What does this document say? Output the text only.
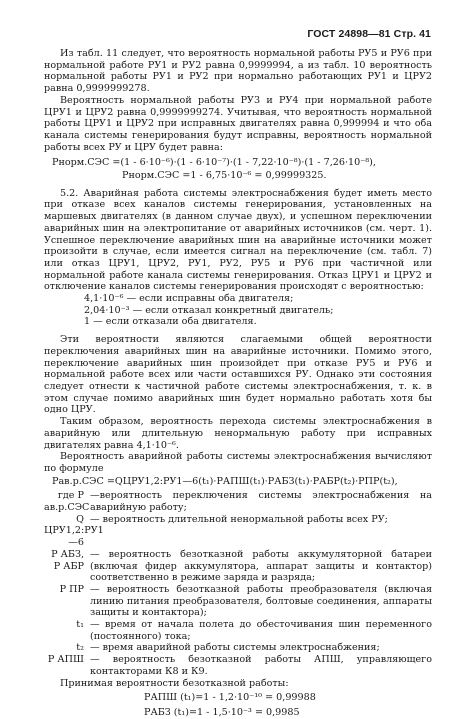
ГОСТ 24898—81 Стр. 41

Из табл. 11 следует, что вероятность нормальной работы РУ5 и РУ6 при нормальной работе РУ1 и РУ2 равна 0,9999994, а из табл. 10 вероятность нормальной работы РУ1 и РУ2 при нормально работающих РУ1 и ЦРУ2 равна 0,9999999278.

Вероятность нормальной работы РУ3 и РУ4 при нормальной работе ЦРУ1 и ЦРУ2 равна 0,9999999274. Учитывая, что вероятность нормальной работы ЦРУ1 и ЦРУ2 при исправных двигателях равна 0,999994 и что оба канала системы генерирования будут исправны, вероятность нормальной работы всех РУ и ЦРУ будет равна:

Pнорм.СЭС =(1 - 6·10⁻⁶)·(1 - 6·10⁻⁷)·(1 - 7,22·10⁻⁸)·(1 - 7,26·10⁻⁸),
Pнорм.СЭС =1 - 6,75·10⁻⁶ = 0,99999325.

5.2. Аварийная работа системы электроснабжения будет иметь место при отказе всех каналов системы генерирования, установленных на маршевых двигателях (в данном случае двух), и успешном переключении аварийных шин на электропитание от аварийных источников (см. черт. 1). Успешное переключение аварийных шин на аварийные источники может произойти в случае, если имеется сигнал на переключение (см. табл. 7) или отказ ЦРУ1, ЦРУ2, РУ1, РУ2, РУ5 и РУ6 при частичной или нормальной работе канала системы генерирования. Отказ ЦРУ1 и ЦРУ2 и отключение каналов системы генерирования происходят с вероятностью:

4,1·10⁻⁶ — если исправны оба двигателя;

2,04·10⁻³ — если отказал конкретный двигатель;

1 — если отказали оба двигателя.

Эти вероятности являются слагаемыми общей вероятности переключения аварийных шин на аварийные источники. Помимо этого, переключение аварийных шин произойдет при отказе РУ5 и РУ6 и нормальной работе всех или части оставшихся РУ. Однако эти состояния следует отнести к частичной работе системы электроснабжения, т. к. в этом случае помимо аварийных шин будет нормально работать хотя бы одно ЦРУ.

Таким образом, вероятность перехода системы электроснабжения в аварийную или длительную ненормальную работу при исправных двигателях равна 4,1·10⁻⁶.

Вероятность аварийной работы системы электроснабжения вычисляют по формуле

Pав.р.СЭС =QЦРУ1,2:РУ1—6(t₁)·PАПШ(t₁)·PАБЗ(t₁)·PАБР(t₂)·PПР(t₂),
где P ав.р.СЭС
—вероятность переключения системы электроснабжения на аварийную работу;
Q ЦРУ1,2:РУ1—6
— вероятность длительной ненормальной работы всех РУ;
P АБЗ, P АБР
— вероятность безотказной работы аккумуляторной батареи (включая фидер аккумулятора, аппарат защиты и контактор) соответственно в режиме заряда и разряда;
P ПР — вероятность безотказной работы преобразователя (включая линию питания преобразователя, болтовые соединения, аппараты защиты и контактора);
t₁ — время от начала полета до обесточивания шин переменного (постоянного) тока;
t₂ — время аварийной работы системы электроснабжения;
P АПШ — вероятность безотказной работы АПШ, управляющего контакторами К8 и К9.

Принимая вероятности безотказной работы:

PАПШ (t₁)=1 - 1,2·10⁻¹⁰ = 0,99988
PАБЗ (t₁)=1 - 1,5·10⁻³ = 0,9985
